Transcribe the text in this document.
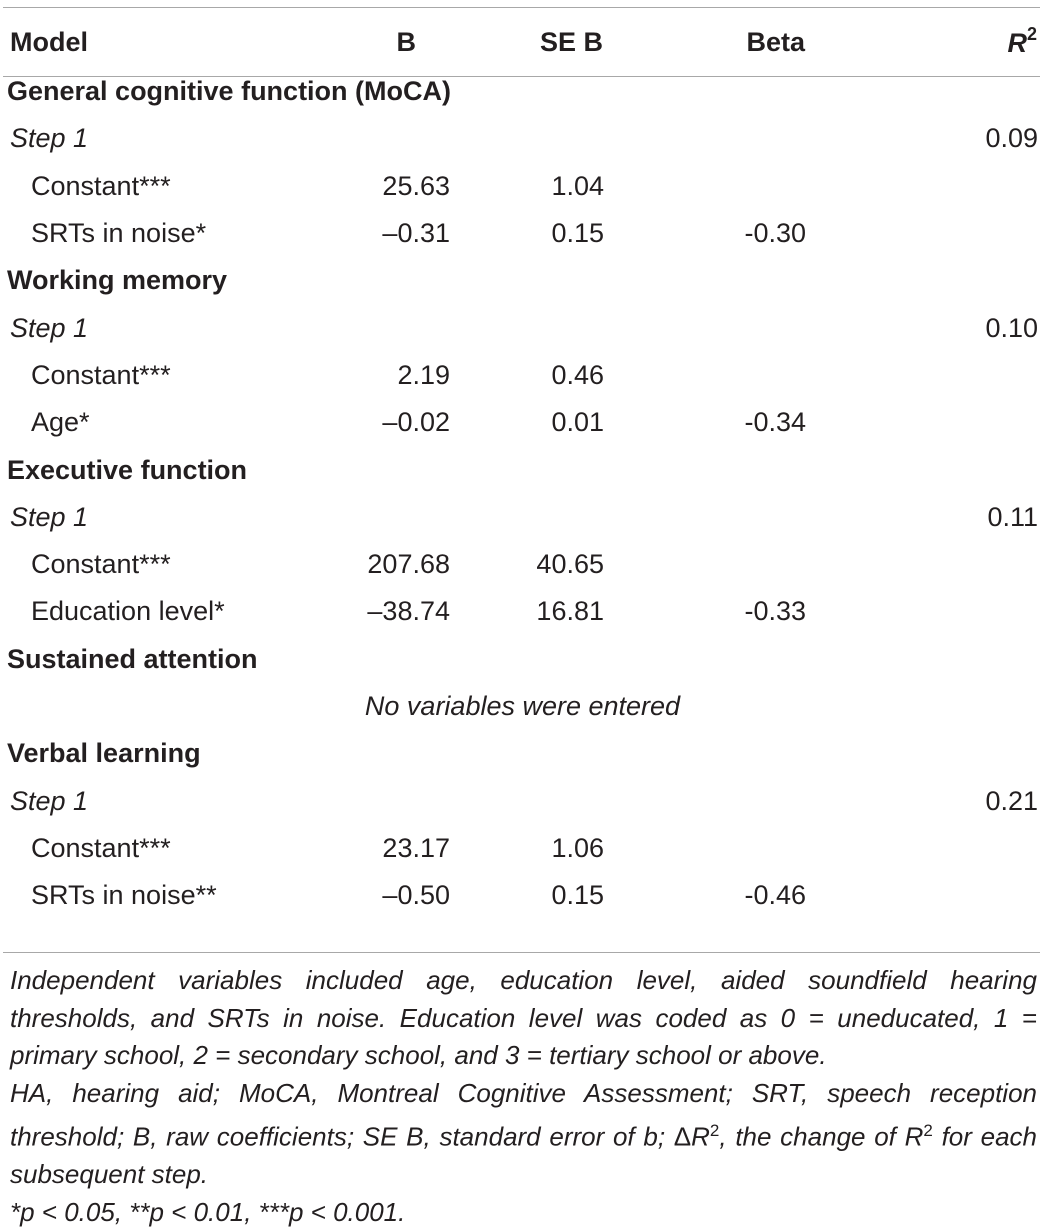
Model	B	SE B	Beta	$R^2$
General cognitive function (MoCA)				
Step 1				0.09
Constant***	25.63	1.04		
SRTs in noise*	–0.31	0.15	-0.30	
Working memory				
Step 1				0.10
Constant***	2.19	0.46		
Age*	–0.02	0.01	-0.34	
Executive function				
Step 1				0.11
Constant***	207.68	40.65		
Education level*	–38.74	16.81	-0.33	
Sustained attention				
No variables were entered				
Verbal learning				
Step 1				0.21
Constant***	23.17	1.06		
SRTs in noise**	–0.50	0.15	-0.46	

Independent variables included age, education level, aided soundfield hearing thresholds, and SRTs in noise. Education level was coded as 0 = uneducated, 1 = primary school, 2 = secondary school, and 3 = tertiary school or above.

HA, hearing aid; MoCA, Montreal Cognitive Assessment; SRT, speech reception threshold; B, raw coefficients; SE B, standard error of b; $\Delta R^2$, the change of $R^2$ for each subsequent step.

*p < 0.05, **p < 0.01, ***p < 0.001.
